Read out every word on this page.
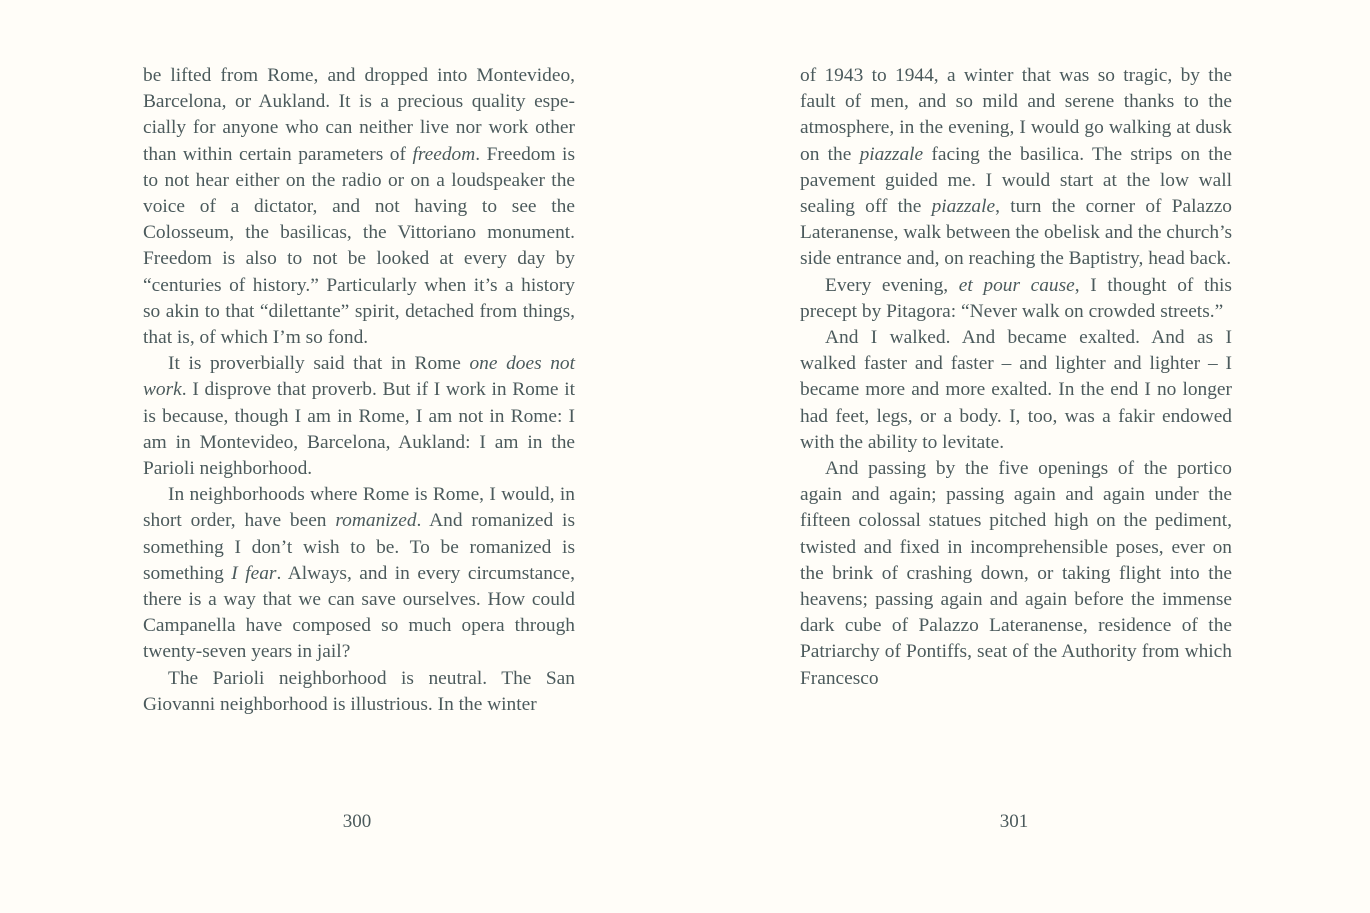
be lifted from Rome, and dropped into Montevideo, Barcelona, or Aukland. It is a precious quality especially for anyone who can neither live nor work other than within certain parameters of freedom. Freedom is to not hear either on the radio or on a loudspeaker the voice of a dictator, and not having to see the Colosseum, the basilicas, the Vittoriano monument. Freedom is also to not be looked at every day by “centuries of history.” Particularly when it’s a history so akin to that “dilettante” spirit, detached from things, that is, of which I’m so fond.

It is proverbially said that in Rome one does not work. I disprove that proverb. But if I work in Rome it is because, though I am in Rome, I am not in Rome: I am in Montevideo, Barcelona, Aukland: I am in the Parioli neighborhood.

In neighborhoods where Rome is Rome, I would, in short order, have been romanized. And romanized is something I don’t wish to be. To be romanized is something I fear. Always, and in every circumstance, there is a way that we can save ourselves. How could Campanella have composed so much opera through twenty-seven years in jail?

The Parioli neighborhood is neutral. The San Giovanni neighborhood is illustrious. In the winter

300

of 1943 to 1944, a winter that was so tragic, by the fault of men, and so mild and serene thanks to the atmosphere, in the evening, I would go walking at dusk on the piazzale facing the basilica. The strips on the pavement guided me. I would start at the low wall sealing off the piazzale, turn the corner of Palazzo Lateranense, walk between the obelisk and the church’s side entrance and, on reaching the Baptistry, head back.

Every evening, et pour cause, I thought of this precept by Pitagora: “Never walk on crowded streets.”

And I walked. And became exalted. And as I walked faster and faster – and lighter and lighter – I became more and more exalted. In the end I no longer had feet, legs, or a body. I, too, was a fakir endowed with the ability to levitate.

And passing by the five openings of the portico again and again; passing again and again under the fifteen colossal statues pitched high on the pediment, twisted and fixed in incomprehensible poses, ever on the brink of crashing down, or taking flight into the heavens; passing again and again before the immense dark cube of Palazzo Lateranense, residence of the Patriarchy of Pontiffs, seat of the Authority from which Francesco

301
